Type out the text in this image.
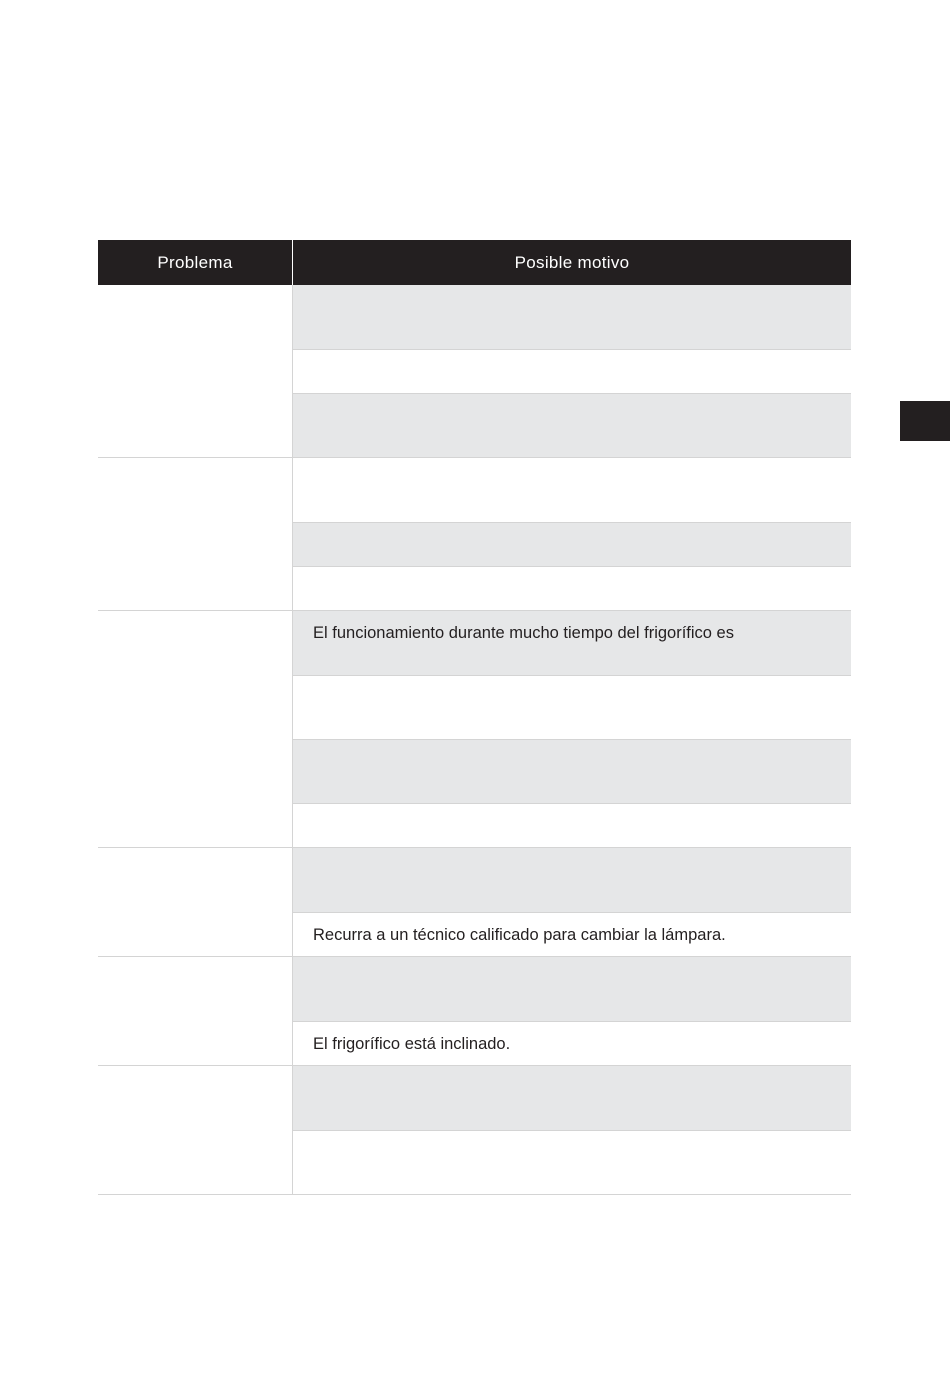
Problema	Posible motivo
El funcionamiento durante mucho tiempo del frigorífico es
Recurra a un técnico calificado para cambiar la lámpara.
El frigorífico está inclinado.
